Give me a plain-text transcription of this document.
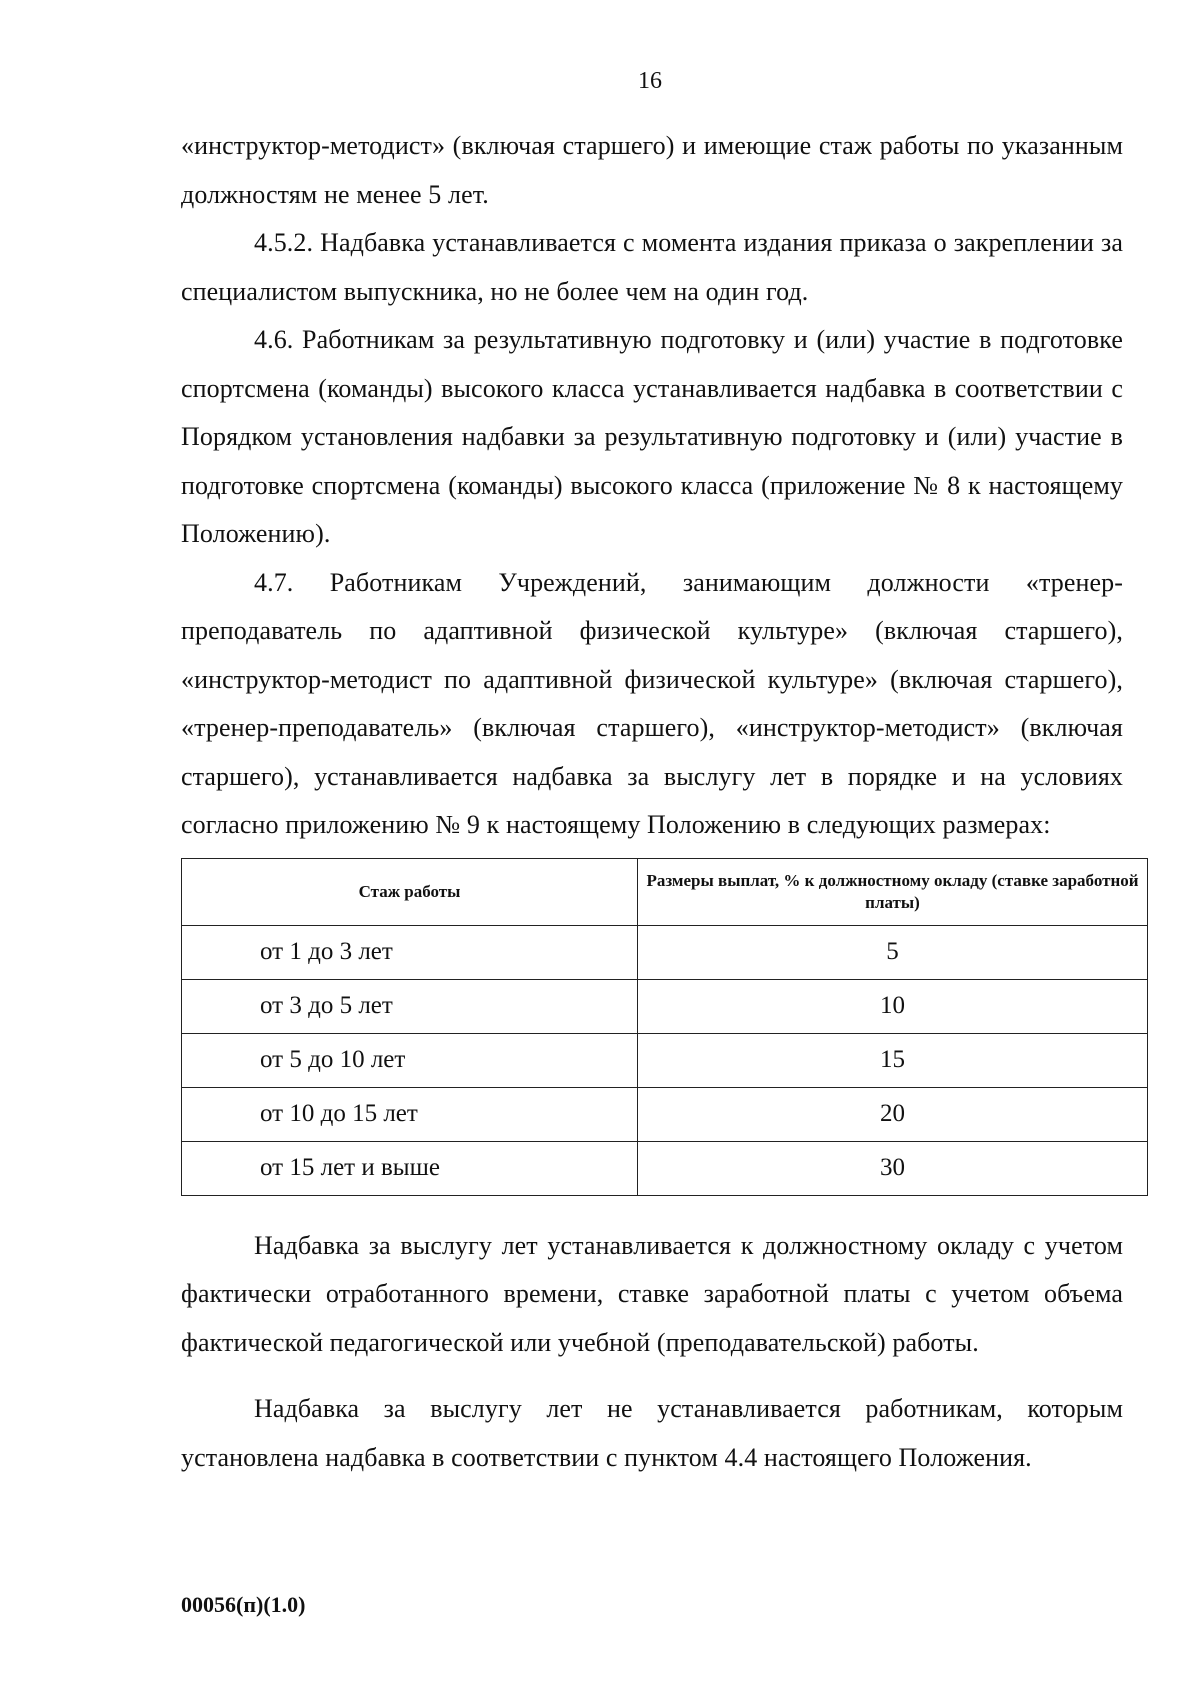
16

«инструктор-методист» (включая старшего) и имеющие стаж работы по указанным должностям не менее 5 лет.

4.5.2. Надбавка устанавливается с момента издания приказа о закреплении за специалистом выпускника, но не более чем на один год.

4.6. Работникам за результативную подготовку и (или) участие в подготовке спортсмена (команды) высокого класса устанавливается надбавка в соответствии с Порядком установления надбавки за результативную подготовку и (или) участие в подготовке спортсмена (команды) высокого класса (приложение № 8 к настоящему Положению).

4.7. Работникам Учреждений, занимающим должности «тренер-преподаватель по адаптивной физической культуре» (включая старшего), «инструктор-методист по адаптивной физической культуре» (включая старшего), «тренер-преподаватель» (включая старшего), «инструктор-методист» (включая старшего), устанавливается надбавка за выслугу лет в порядке и на условиях согласно приложению № 9 к настоящему Положению в следующих размерах:

Стаж работы	Размеры выплат, % к должностному окладу (ставке заработной платы)
от 1 до 3 лет	5
от 3 до 5 лет	10
от 5 до 10 лет	15
от 10 до 15 лет	20
от 15 лет и выше	30

Надбавка за выслугу лет устанавливается к должностному окладу с учетом фактически отработанного времени, ставке заработной платы с учетом объема фактической педагогической или учебной (преподавательской) работы.

Надбавка за выслугу лет не устанавливается работникам, которым установлена надбавка в соответствии с пунктом 4.4 настоящего Положения.

00056(п)(1.0)
